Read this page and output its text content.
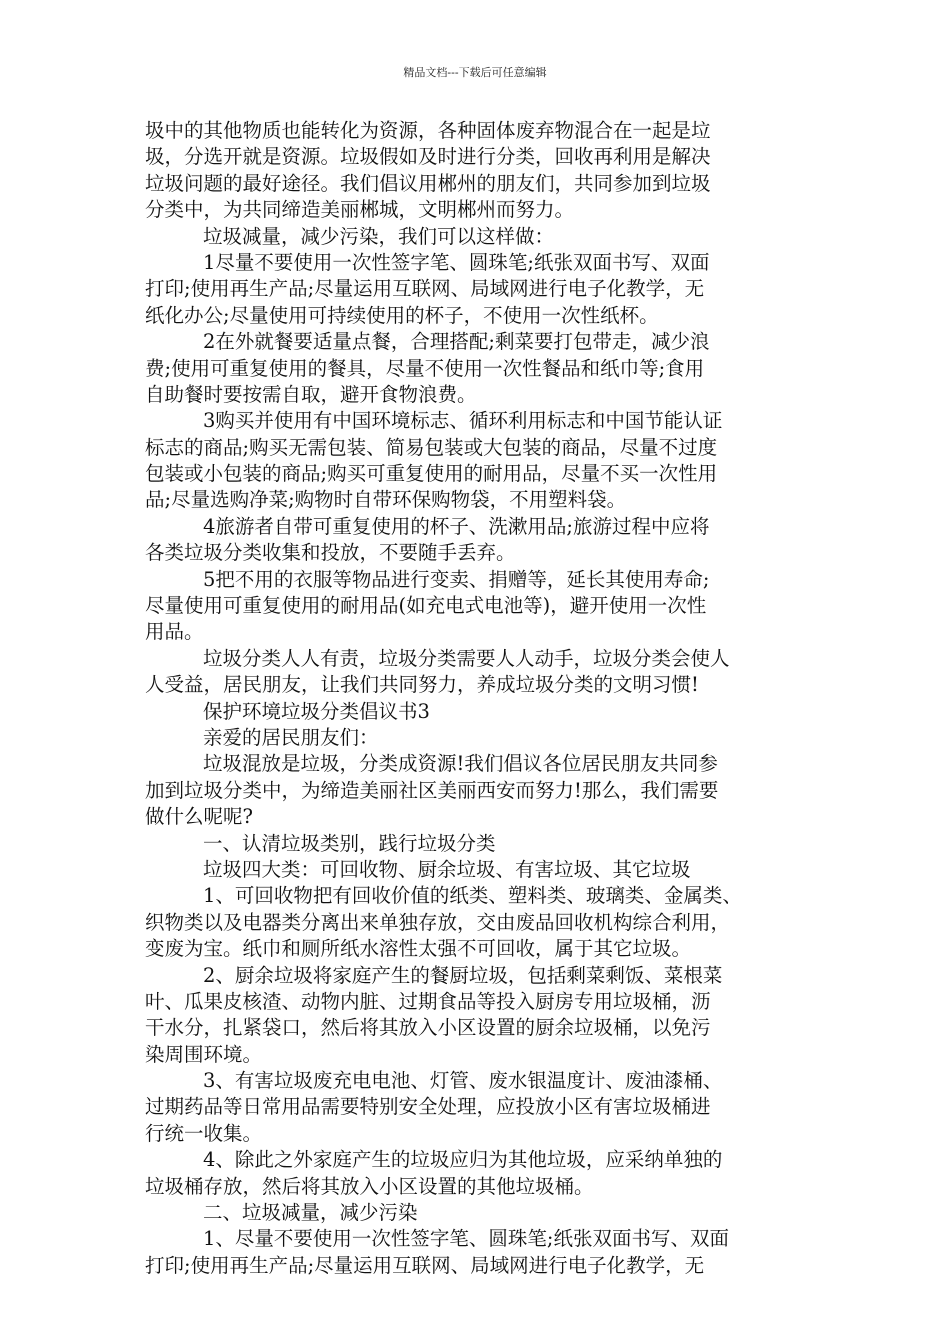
精品文档---下载后可任意编辑
圾中的其他物质也能转化为资源，各种固体废弃物混合在一起是垃
圾，分选开就是资源。垃圾假如及时进行分类，回收再利用是解决
垃圾问题的最好途径。我们倡议用郴州的朋友们，共同参加到垃圾
分类中，为共同缔造美丽郴城，文明郴州而努力。
垃圾减量，减少污染，我们可以这样做：
1尽量不要使用一次性签字笔、圆珠笔;纸张双面书写、双面
打印;使用再生产品;尽量运用互联网、局域网进行电子化教学，无
纸化办公;尽量使用可持续使用的杯子，不使用一次性纸杯。
2在外就餐要适量点餐，合理搭配;剩菜要打包带走，减少浪
费;使用可重复使用的餐具，尽量不使用一次性餐品和纸巾等;食用
自助餐时要按需自取，避开食物浪费。
3购买并使用有中国环境标志、循环利用标志和中国节能认证
标志的商品;购买无需包装、简易包装或大包装的商品，尽量不过度
包装或小包装的商品;购买可重复使用的耐用品，尽量不买一次性用
品;尽量选购净菜;购物时自带环保购物袋，不用塑料袋。
4旅游者自带可重复使用的杯子、洗漱用品;旅游过程中应将
各类垃圾分类收集和投放，不要随手丢弃。
5把不用的衣服等物品进行变卖、捐赠等，延长其使用寿命;
尽量使用可重复使用的耐用品(如充电式电池等)，避开使用一次性
用品。
垃圾分类人人有责，垃圾分类需要人人动手，垃圾分类会使人
人受益，居民朋友，让我们共同努力，养成垃圾分类的文明习惯!
保护环境垃圾分类倡议书3
亲爱的居民朋友们：
垃圾混放是垃圾，分类成资源!我们倡议各位居民朋友共同参
加到垃圾分类中，为缔造美丽社区美丽西安而努力!那么，我们需要
做什么呢呢?
一、认清垃圾类别，践行垃圾分类
垃圾四大类：可回收物、厨余垃圾、有害垃圾、其它垃圾
1、可回收物把有回收价值的纸类、塑料类、玻璃类、金属类、
织物类以及电器类分离出来单独存放，交由废品回收机构综合利用，
变废为宝。纸巾和厕所纸水溶性太强不可回收，属于其它垃圾。
2、厨余垃圾将家庭产生的餐厨垃圾，包括剩菜剩饭、菜根菜
叶、瓜果皮核渣、动物内脏、过期食品等投入厨房专用垃圾桶，沥
干水分，扎紧袋口，然后将其放入小区设置的厨余垃圾桶，以免污
染周围环境。
3、有害垃圾废充电电池、灯管、废水银温度计、废油漆桶、
过期药品等日常用品需要特别安全处理，应投放小区有害垃圾桶进
行统一收集。
4、除此之外家庭产生的垃圾应归为其他垃圾，应采纳单独的
垃圾桶存放，然后将其放入小区设置的其他垃圾桶。
二、垃圾减量，减少污染
1、尽量不要使用一次性签字笔、圆珠笔;纸张双面书写、双面
打印;使用再生产品;尽量运用互联网、局域网进行电子化教学，无
